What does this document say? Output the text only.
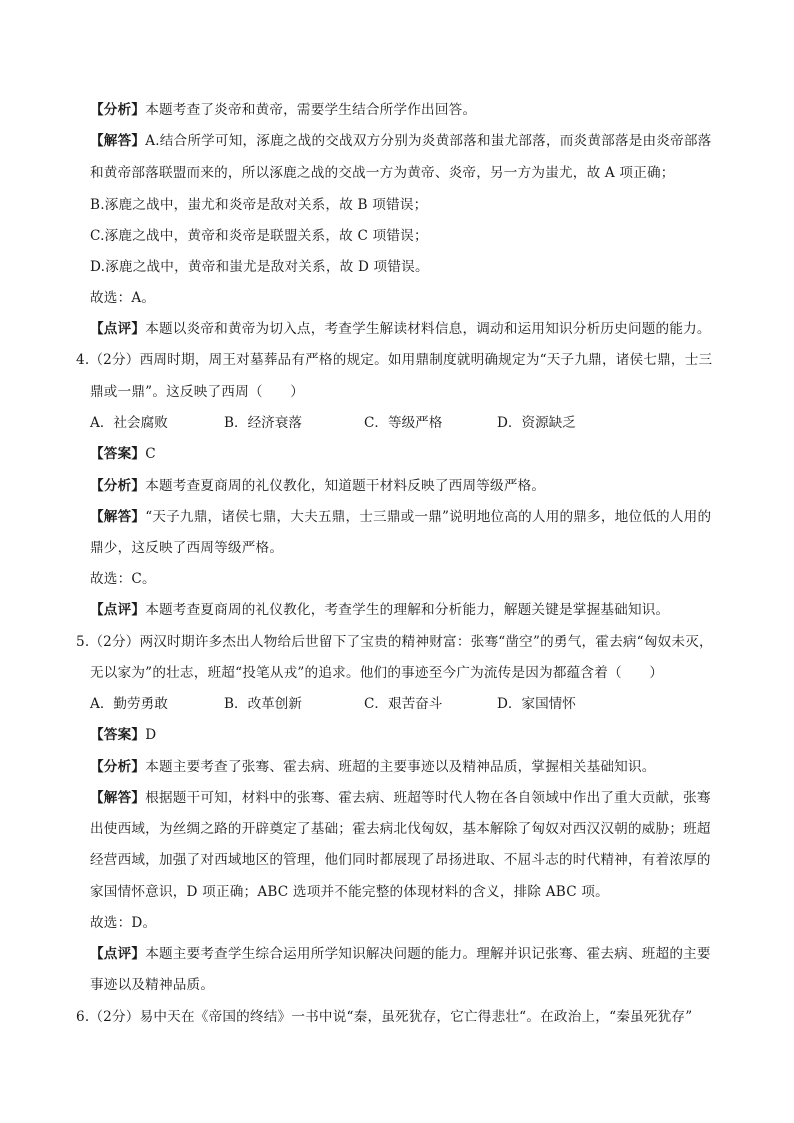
【分析】本题考查了炎帝和黄帝，需要学生结合所学作出回答。
【解答】A.结合所学可知，涿鹿之战的交战双方分别为炎黄部落和蚩尤部落，而炎黄部落是由炎帝部落
和黄帝部落联盟而来的，所以涿鹿之战的交战一方为黄帝、炎帝，另一方为蚩尤，故 A 项正确；
B.涿鹿之战中，蚩尤和炎帝是敌对关系，故 B 项错误；
C.涿鹿之战中，黄帝和炎帝是联盟关系，故 C 项错误；
D.涿鹿之战中，黄帝和蚩尤是敌对关系，故 D 项错误。
故选：A。
【点评】本题以炎帝和黄帝为切入点，考查学生解读材料信息，调动和运用知识分析历史问题的能力。
4.（2分）西周时期，周王对墓葬品有严格的规定。如用鼎制度就明确规定为“天子九鼎，诸侯七鼎，士三
鼎或一鼎”。这反映了西周（　　）
A．社会腐败	B．经济衰落	C．等级严格	D．资源缺乏
【答案】C
【分析】本题考查夏商周的礼仪教化，知道题干材料反映了西周等级严格。
【解答】“天子九鼎，诸侯七鼎，大夫五鼎，士三鼎或一鼎”说明地位高的人用的鼎多，地位低的人用的
鼎少，这反映了西周等级严格。
故选：C。
【点评】本题考查夏商周的礼仪教化，考查学生的理解和分析能力，解题关键是掌握基础知识。
5.（2分）两汉时期许多杰出人物给后世留下了宝贵的精神财富：张骞“凿空”的勇气，霍去病“匈奴未灭，
无以家为”的壮志，班超“投笔从戎”的追求。他们的事迹至今广为流传是因为都蕴含着（　　）
A．勤劳勇敢	B．改革创新	C．艰苦奋斗	D．家国情怀
【答案】D
【分析】本题主要考查了张骞、霍去病、班超的主要事迹以及精神品质，掌握相关基础知识。
【解答】根据题干可知，材料中的张骞、霍去病、班超等时代人物在各自领域中作出了重大贡献，张骞
出使西域，为丝绸之路的开辟奠定了基础；霍去病北伐匈奴，基本解除了匈奴对西汉汉朝的威胁；班超
经营西域，加强了对西域地区的管理，他们同时都展现了昂扬进取、不屈斗志的时代精神，有着浓厚的
家国情怀意识，D 项正确；ABC 选项并不能完整的体现材料的含义，排除 ABC 项。
故选：D。
【点评】本题主要考查学生综合运用所学知识解决问题的能力。理解并识记张骞、霍去病、班超的主要
事迹以及精神品质。
6.（2分）易中天在《帝国的终结》一书中说“秦，虽死犹存，它亡得悲壮“。在政治上，“秦虽死犹存”
